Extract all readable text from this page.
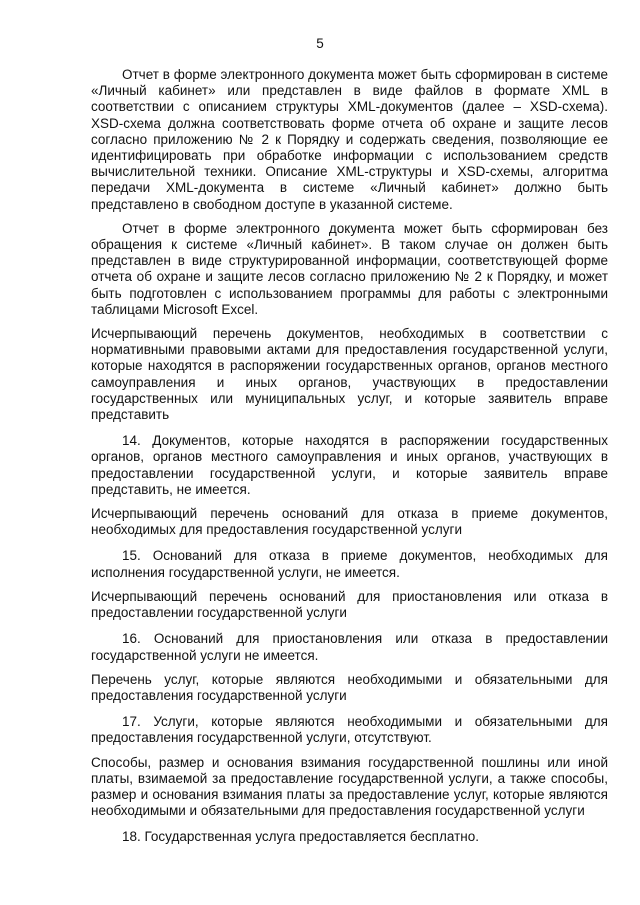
5

Отчет в форме электронного документа может быть сформирован в системе «Личный кабинет» или представлен в виде файлов в формате XML в соответствии с описанием структуры XML-документов (далее – XSD-схема). XSD-схема должна соответствовать форме отчета об охране и защите лесов согласно приложению № 2 к Порядку и содержать сведения, позволяющие ее идентифицировать при обработке информации с использованием средств вычислительной техники. Описание XML-структуры и XSD-схемы, алгоритма передачи XML-документа в системе «Личный кабинет» должно быть представлено в свободном доступе в указанной системе.

Отчет в форме электронного документа может быть сформирован без обращения к системе «Личный кабинет». В таком случае он должен быть представлен в виде структурированной информации, соответствующей форме отчета об охране и защите лесов согласно приложению № 2 к Порядку, и может быть подготовлен с использованием программы для работы с электронными таблицами Microsoft Excel.

Исчерпывающий перечень документов, необходимых в соответствии с нормативными правовыми актами для предоставления государственной услуги, которые находятся в распоряжении государственных органов, органов местного самоуправления и иных органов, участвующих в предоставлении государственных или муниципальных услуг, и которые заявитель вправе представить

14. Документов, которые находятся в распоряжении государственных органов, органов местного самоуправления и иных органов, участвующих в предоставлении государственной услуги, и которые заявитель вправе представить, не имеется.

Исчерпывающий перечень оснований для отказа в приеме документов, необходимых для предоставления государственной услуги

15. Оснований для отказа в приеме документов, необходимых для исполнения государственной услуги, не имеется.

Исчерпывающий перечень оснований для приостановления или отказа в предоставлении государственной услуги

16. Оснований для приостановления или отказа в предоставлении государственной услуги не имеется.

Перечень услуг, которые являются необходимыми и обязательными для предоставления государственной услуги

17. Услуги, которые являются необходимыми и обязательными для предоставления государственной услуги, отсутствуют.

Способы, размер и основания взимания государственной пошлины или иной платы, взимаемой за предоставление государственной услуги, а также способы, размер и основания взимания платы за предоставление услуг, которые являются необходимыми и обязательными для предоставления государственной услуги

18. Государственная услуга предоставляется бесплатно.
